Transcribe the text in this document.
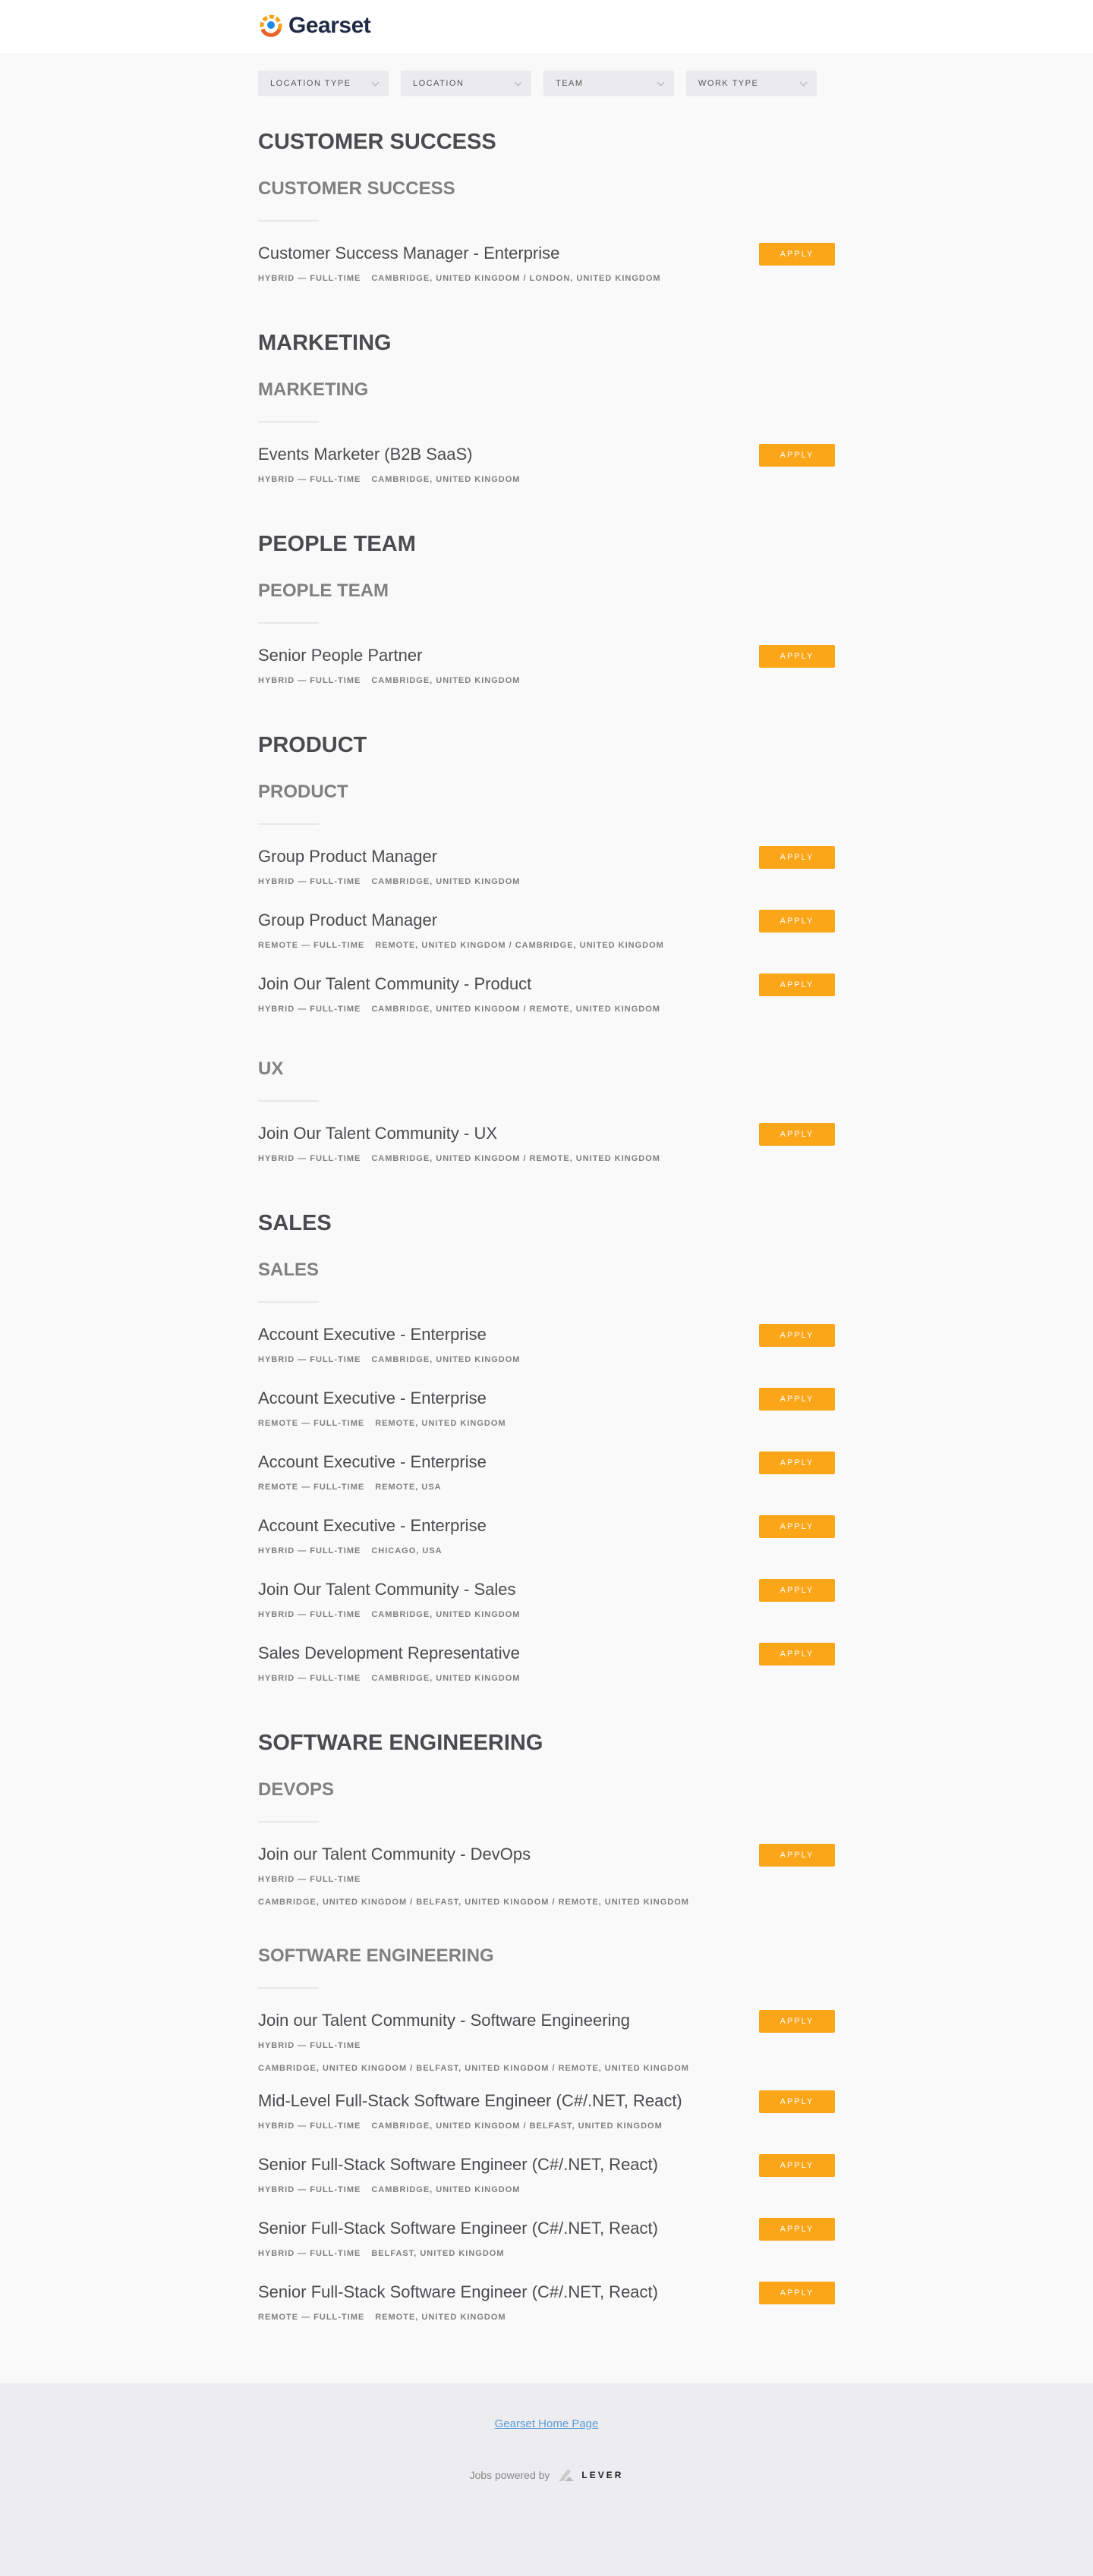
Gearset
LOCATION TYPE	LOCATION	TEAM	WORK TYPE
CUSTOMER SUCCESS
CUSTOMER SUCCESS
Customer Success Manager - Enterprise
HYBRID — FULL-TIME CAMBRIDGE, UNITED KINGDOM / LONDON, UNITED KINGDOM
APPLY
MARKETING
MARKETING
Events Marketer (B2B SaaS)
HYBRID — FULL-TIME CAMBRIDGE, UNITED KINGDOM
APPLY
PEOPLE TEAM
PEOPLE TEAM
Senior People Partner
HYBRID — FULL-TIME CAMBRIDGE, UNITED KINGDOM
APPLY
PRODUCT
PRODUCT
Group Product Manager
HYBRID — FULL-TIME CAMBRIDGE, UNITED KINGDOM
APPLY
Group Product Manager
REMOTE — FULL-TIME REMOTE, UNITED KINGDOM / CAMBRIDGE, UNITED KINGDOM
APPLY
Join Our Talent Community - Product
HYBRID — FULL-TIME CAMBRIDGE, UNITED KINGDOM / REMOTE, UNITED KINGDOM
APPLY
UX
Join Our Talent Community - UX
HYBRID — FULL-TIME CAMBRIDGE, UNITED KINGDOM / REMOTE, UNITED KINGDOM
APPLY
SALES
SALES
Account Executive - Enterprise
HYBRID — FULL-TIME CAMBRIDGE, UNITED KINGDOM
APPLY
Account Executive - Enterprise
REMOTE — FULL-TIME REMOTE, UNITED KINGDOM
APPLY
Account Executive - Enterprise
REMOTE — FULL-TIME REMOTE, USA
APPLY
Account Executive - Enterprise
HYBRID — FULL-TIME CHICAGO, USA
APPLY
Join Our Talent Community - Sales
HYBRID — FULL-TIME CAMBRIDGE, UNITED KINGDOM
APPLY
Sales Development Representative
HYBRID — FULL-TIME CAMBRIDGE, UNITED KINGDOM
APPLY
SOFTWARE ENGINEERING
DEVOPS
Join our Talent Community - DevOps
HYBRID — FULL-TIME
CAMBRIDGE, UNITED KINGDOM / BELFAST, UNITED KINGDOM / REMOTE, UNITED KINGDOM
APPLY
SOFTWARE ENGINEERING
Join our Talent Community - Software Engineering
HYBRID — FULL-TIME
CAMBRIDGE, UNITED KINGDOM / BELFAST, UNITED KINGDOM / REMOTE, UNITED KINGDOM
APPLY
Mid-Level Full-Stack Software Engineer (C#/.NET, React)
HYBRID — FULL-TIME CAMBRIDGE, UNITED KINGDOM / BELFAST, UNITED KINGDOM
APPLY
Senior Full-Stack Software Engineer (C#/.NET, React)
HYBRID — FULL-TIME CAMBRIDGE, UNITED KINGDOM
APPLY
Senior Full-Stack Software Engineer (C#/.NET, React)
HYBRID — FULL-TIME BELFAST, UNITED KINGDOM
APPLY
Senior Full-Stack Software Engineer (C#/.NET, React)
REMOTE — FULL-TIME REMOTE, UNITED KINGDOM
APPLY
Gearset Home Page
Jobs powered by	LEVER
